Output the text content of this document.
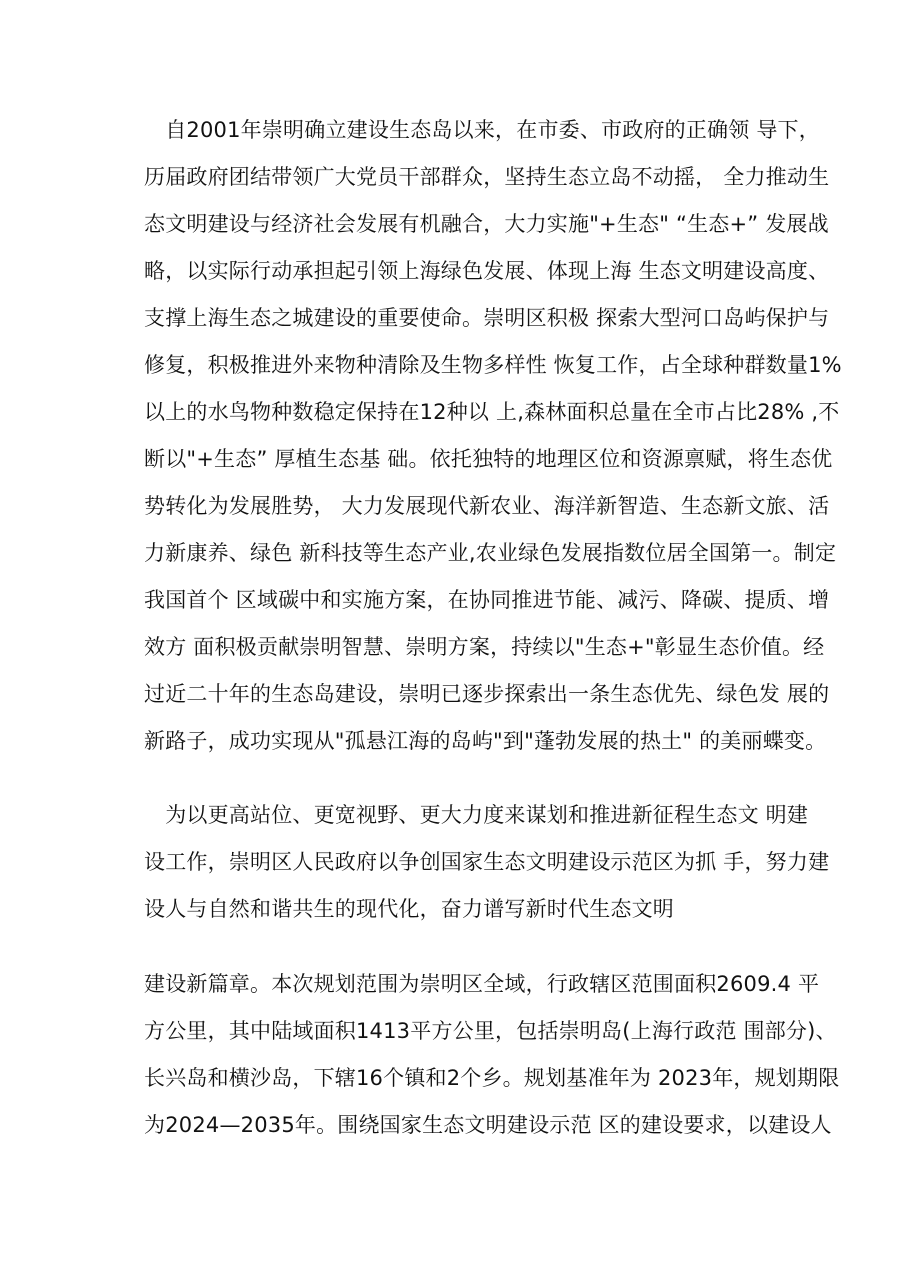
　自2001年崇明确立建设生态岛以来，在市委、市政府的正确领 导下，
历届政府团结带领广大党员干部群众，坚持生态立岛不动摇， 全力推动生
态文明建设与经济社会发展有机融合，大力实施"+生态" “生态+” 发展战
略，以实际行动承担起引领上海绿色发展、体现上海 生态文明建设高度、
支撑上海生态之城建设的重要使命。崇明区积极 探索大型河口岛屿保护与
修复，积极推进外来物种清除及生物多样性 恢复工作，占全球种群数量1%
以上的水鸟物种数稳定保持在12种以 上,森林面积总量在全市占比28% ,不
断以"+生态” 厚植生态基 础。依托独特的地理区位和资源禀赋，将生态优
势转化为发展胜势， 大力发展现代新农业、海洋新智造、生态新文旅、活
力新康养、绿色 新科技等生态产业,农业绿色发展指数位居全国第一。制定
我国首个 区域碳中和实施方案，在协同推进节能、减污、降碳、提质、增
效方 面积极贡献崇明智慧、崇明方案，持续以"生态+"彰显生态价值。经
过近二十年的生态岛建设，崇明已逐步探索出一条生态优先、绿色发 展的
新路子，成功实现从"孤悬江海的岛屿"到"蓬勃发展的热土" 的美丽蝶变。
　为以更高站位、更宽视野、更大力度来谋划和推进新征程生态文 明建
设工作，崇明区人民政府以争创国家生态文明建设示范区为抓 手，努力建
设人与自然和谐共生的现代化，奋力谱写新时代生态文明
建设新篇章。本次规划范围为崇明区全域，行政辖区范围面积2609.4 平
方公里，其中陆域面积1413平方公里，包括崇明岛(上海行政范 围部分)、
长兴岛和横沙岛，下辖16个镇和2个乡。规划基准年为 2023年，规划期限
为2024—2035年。围绕国家生态文明建设示范 区的建设要求，以建设人
